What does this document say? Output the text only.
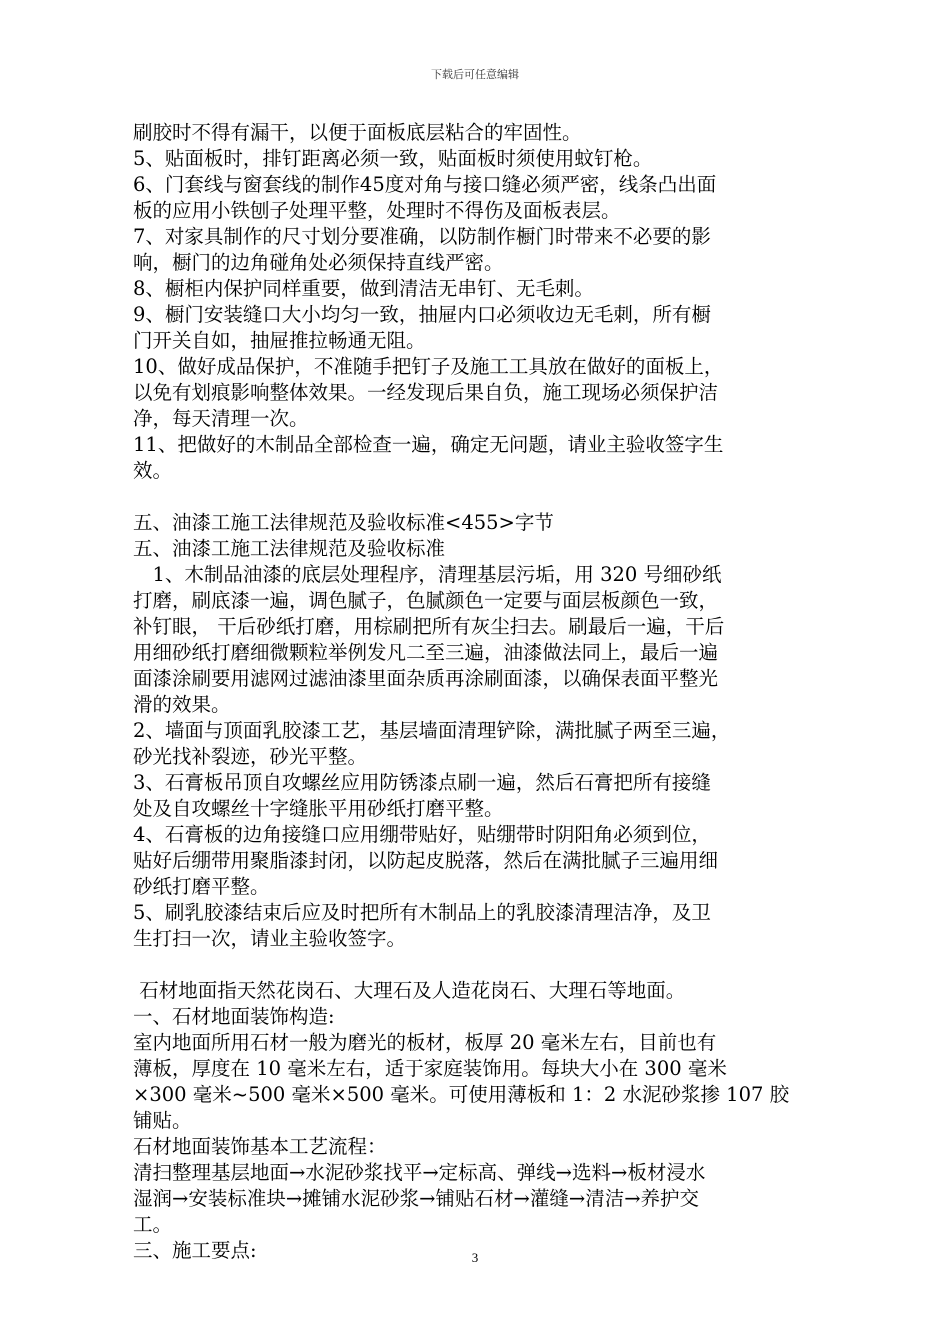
下载后可任意编辑
刷胶时不得有漏干，以便于面板底层粘合的牢固性。
5、贴面板时，排钉距离必须一致，贴面板时须使用蚊钉枪。
6、门套线与窗套线的制作45度对角与接口缝必须严密，线条凸出面
板的应用小铁刨子处理平整，处理时不得伤及面板表层。
7、对家具制作的尺寸划分要准确，以防制作橱门时带来不必要的影
响，橱门的边角碰角处必须保持直线严密。
8、橱柜内保护同样重要，做到清洁无串钉、无毛刺。
9、橱门安装缝口大小均匀一致，抽屉内口必须收边无毛刺，所有橱
门开关自如，抽屉推拉畅通无阻。
10、做好成品保护，不准随手把钉子及施工工具放在做好的面板上，
以免有划痕影响整体效果。一经发现后果自负，施工现场必须保护洁
净，每天清理一次。
11、把做好的木制品全部检查一遍，确定无问题，请业主验收签字生
效。
五、油漆工施工法律规范及验收标准<455>字节
五、油漆工施工法律规范及验收标准
　1、木制品油漆的底层处理程序，清理基层污垢，用 320 号细砂纸
打磨，刷底漆一遍，调色腻子，色腻颜色一定要与面层板颜色一致，
补钉眼， 干后砂纸打磨，用棕刷把所有灰尘扫去。刷最后一遍，干后
用细砂纸打磨细微颗粒举例发凡二至三遍，油漆做法同上，最后一遍
面漆涂刷要用滤网过滤油漆里面杂质再涂刷面漆，以确保表面平整光
滑的效果。
2、墙面与顶面乳胶漆工艺，基层墙面清理铲除，满批腻子两至三遍，
砂光找补裂迹，砂光平整。
3、石膏板吊顶自攻螺丝应用防锈漆点刷一遍，然后石膏把所有接缝
处及自攻螺丝十字缝胀平用砂纸打磨平整。
4、石膏板的边角接缝口应用绷带贴好，贴绷带时阴阳角必须到位，
贴好后绷带用聚脂漆封闭，以防起皮脱落，然后在满批腻子三遍用细
砂纸打磨平整。
5、刷乳胶漆结束后应及时把所有木制品上的乳胶漆清理洁净，及卫
生打扫一次，请业主验收签字。
石材地面指天然花岗石、大理石及人造花岗石、大理石等地面。
一、石材地面装饰构造:
室内地面所用石材一般为磨光的板材，板厚 20 毫米左右，目前也有
薄板，厚度在 10 毫米左右，适于家庭装饰用。每块大小在 300 毫米
×300 毫米~500 毫米×500 毫米。可使用薄板和 1：2 水泥砂浆掺 107 胶
铺贴。
石材地面装饰基本工艺流程：
清扫整理基层地面→水泥砂浆找平→定标高、弹线→选料→板材浸水
湿润→安装标准块→摊铺水泥砂浆→铺贴石材→灌缝→清洁→养护交
工。
三、施工要点:	3
